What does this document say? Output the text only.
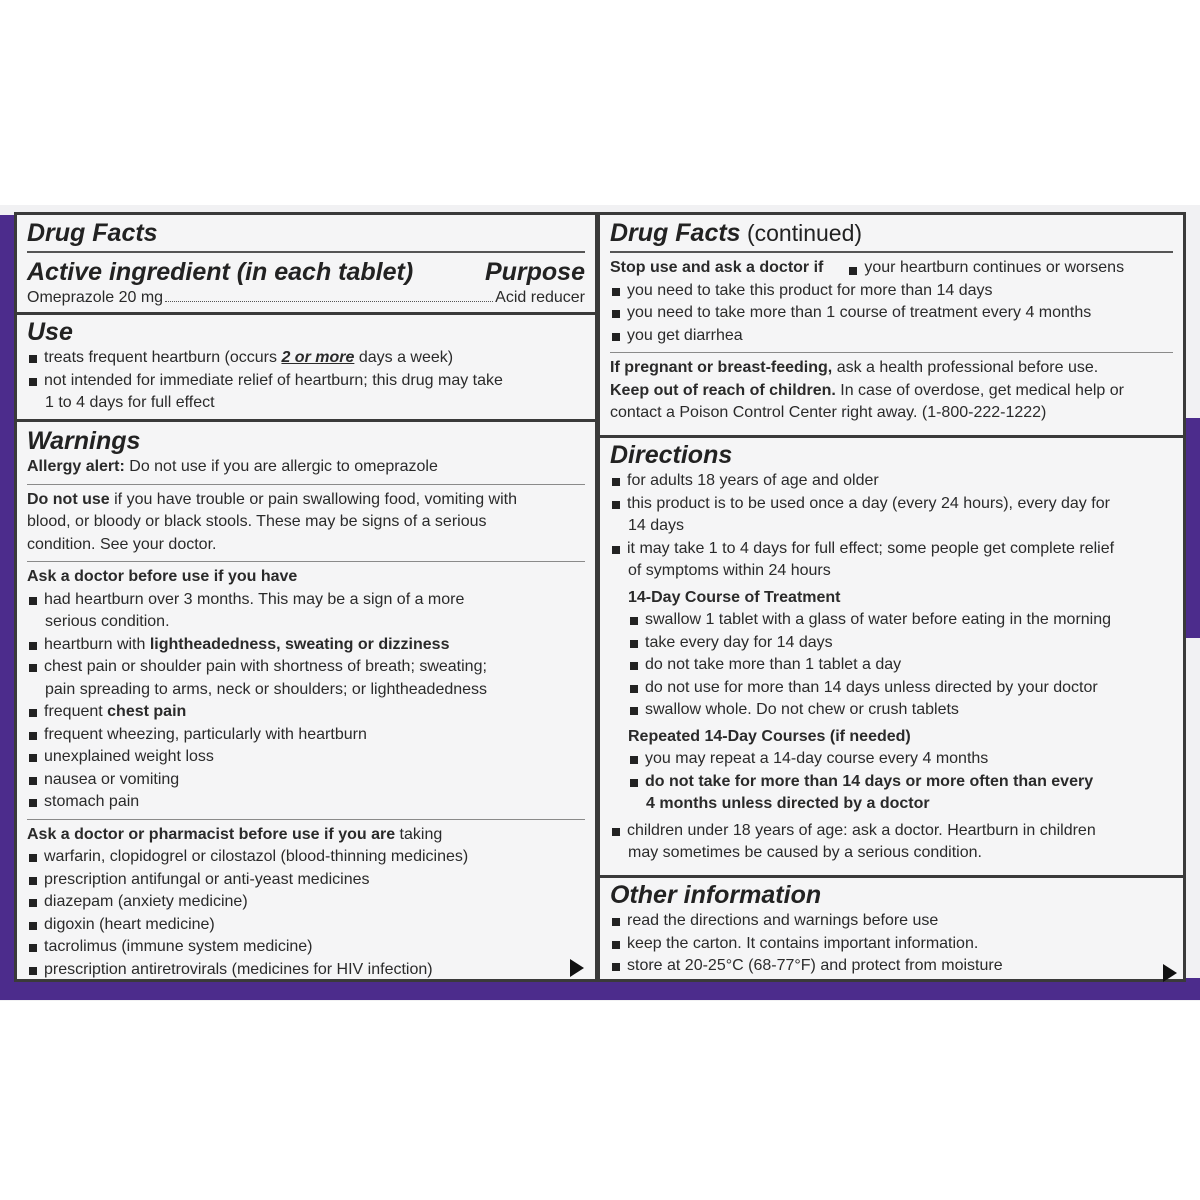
Drug Facts
Active ingredient (in each tablet)	Purpose
Omeprazole 20 mg	Acid reducer
Use
treats frequent heartburn (occurs 2 or more days a week)
not intended for immediate relief of heartburn; this drug may take
1 to 4 days for full effect
Warnings
Allergy alert: Do not use if you are allergic to omeprazole
Do not use if you have trouble or pain swallowing food, vomiting with
blood, or bloody or black stools. These may be signs of a serious
condition. See your doctor.
Ask a doctor before use if you have
had heartburn over 3 months. This may be a sign of a more
serious condition.
heartburn with lightheadedness, sweating or dizziness
chest pain or shoulder pain with shortness of breath; sweating;
pain spreading to arms, neck or shoulders; or lightheadedness
frequent chest pain
frequent wheezing, particularly with heartburn
unexplained weight loss
nausea or vomiting
stomach pain
Ask a doctor or pharmacist before use if you are taking
warfarin, clopidogrel or cilostazol (blood-thinning medicines)
prescription antifungal or anti-yeast medicines
diazepam (anxiety medicine)
digoxin (heart medicine)
tacrolimus (immune system medicine)
prescription antiretrovirals (medicines for HIV infection)
Drug Facts (continued)
Stop use and ask a doctor if	your heartburn continues or worsens
you need to take this product for more than 14 days
you need to take more than 1 course of treatment every 4 months
you get diarrhea
If pregnant or breast-feeding, ask a health professional before use.
Keep out of reach of children. In case of overdose, get medical help or
contact a Poison Control Center right away. (1-800-222-1222)
Directions
for adults 18 years of age and older
this product is to be used once a day (every 24 hours), every day for
14 days
it may take 1 to 4 days for full effect; some people get complete relief
of symptoms within 24 hours
14-Day Course of Treatment
swallow 1 tablet with a glass of water before eating in the morning
take every day for 14 days
do not take more than 1 tablet a day
do not use for more than 14 days unless directed by your doctor
swallow whole. Do not chew or crush tablets
Repeated 14-Day Courses (if needed)
you may repeat a 14-day course every 4 months
do not take for more than 14 days or more often than every
4 months unless directed by a doctor
children under 18 years of age: ask a doctor. Heartburn in children
may sometimes be caused by a serious condition.
Other information
read the directions and warnings before use
keep the carton. It contains important information.
store at 20-25°C (68-77°F) and protect from moisture
